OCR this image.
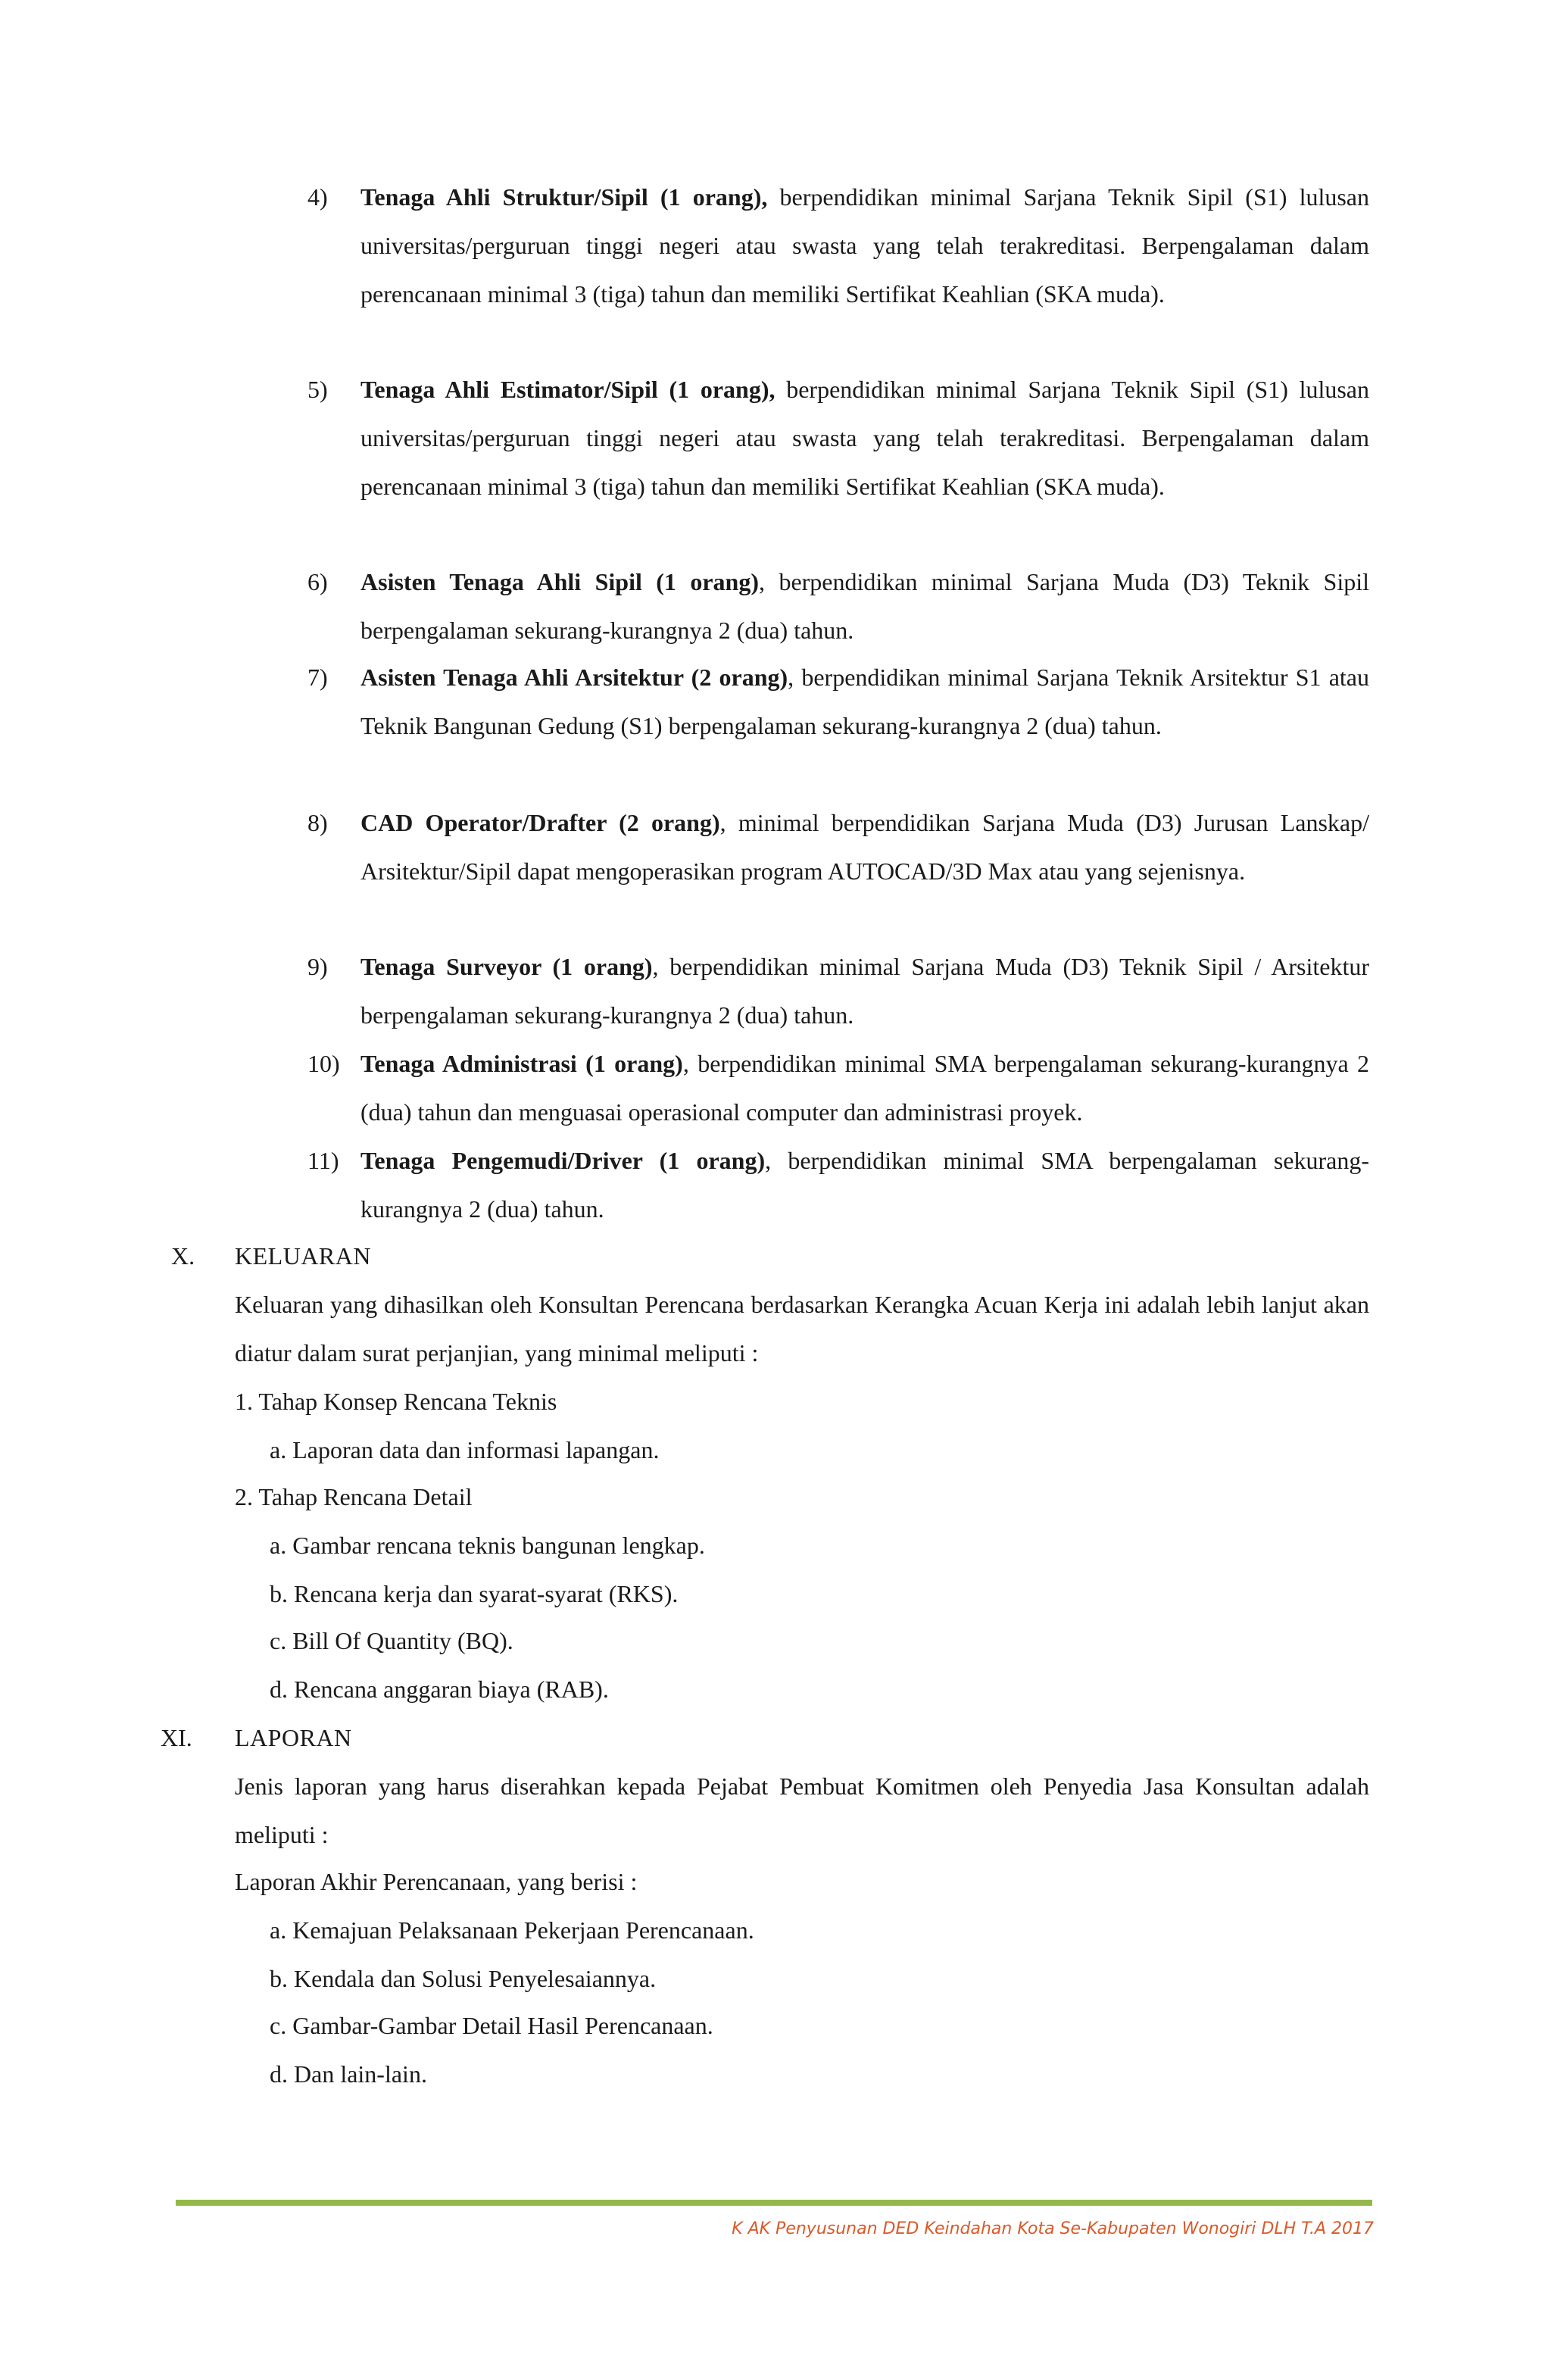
4) Tenaga Ahli Struktur/Sipil (1 orang), berpendidikan minimal Sarjana Teknik Sipil (S1) lulusan universitas/perguruan tinggi negeri atau swasta yang telah terakreditasi. Berpengalaman dalam perencanaan minimal 3 (tiga) tahun dan memiliki Sertifikat Keahlian (SKA muda).
5) Tenaga Ahli Estimator/Sipil (1 orang), berpendidikan minimal Sarjana Teknik Sipil (S1) lulusan universitas/perguruan tinggi negeri atau swasta yang telah terakreditasi. Berpengalaman dalam perencanaan minimal 3 (tiga) tahun dan memiliki Sertifikat Keahlian (SKA muda).
6) Asisten Tenaga Ahli Sipil (1 orang), berpendidikan minimal Sarjana Muda (D3) Teknik Sipil berpengalaman sekurang-kurangnya 2 (dua) tahun.
7) Asisten Tenaga Ahli Arsitektur (2 orang), berpendidikan minimal Sarjana Teknik Arsitektur S1 atau Teknik Bangunan Gedung (S1) berpengalaman sekurang-kurangnya 2 (dua) tahun.
8) CAD Operator/Drafter (2 orang), minimal berpendidikan Sarjana Muda (D3) Jurusan Lanskap/ Arsitektur/Sipil dapat mengoperasikan program AUTOCAD/3D Max atau yang sejenisnya.
9) Tenaga Surveyor (1 orang), berpendidikan minimal Sarjana Muda (D3) Teknik Sipil / Arsitektur berpengalaman sekurang-kurangnya 2 (dua) tahun.
10) Tenaga Administrasi (1 orang), berpendidikan minimal SMA berpengalaman sekurang-kurangnya 2 (dua) tahun dan menguasai operasional computer dan administrasi proyek.
11) Tenaga Pengemudi/Driver (1 orang), berpendidikan minimal SMA berpengalaman sekurang-kurangnya 2 (dua) tahun.
X. KELUARAN
Keluaran yang dihasilkan oleh Konsultan Perencana berdasarkan Kerangka Acuan Kerja ini adalah lebih lanjut akan diatur dalam surat perjanjian, yang minimal meliputi :
1. Tahap Konsep Rencana Teknis
a. Laporan data dan informasi lapangan.
2. Tahap Rencana Detail
a. Gambar rencana teknis bangunan lengkap.
b. Rencana kerja dan syarat-syarat (RKS).
c. Bill Of Quantity (BQ).
d. Rencana anggaran biaya (RAB).
XI. LAPORAN
Jenis laporan yang harus diserahkan kepada Pejabat Pembuat Komitmen oleh Penyedia Jasa Konsultan adalah meliputi :
Laporan Akhir Perencanaan, yang berisi :
a. Kemajuan Pelaksanaan Pekerjaan Perencanaan.
b. Kendala dan Solusi Penyelesaiannya.
c. Gambar-Gambar Detail Hasil Perencanaan.
d. Dan lain-lain.
K AK Penyusunan DED Keindahan Kota Se-Kabupaten Wonogiri DLH T.A 2017
